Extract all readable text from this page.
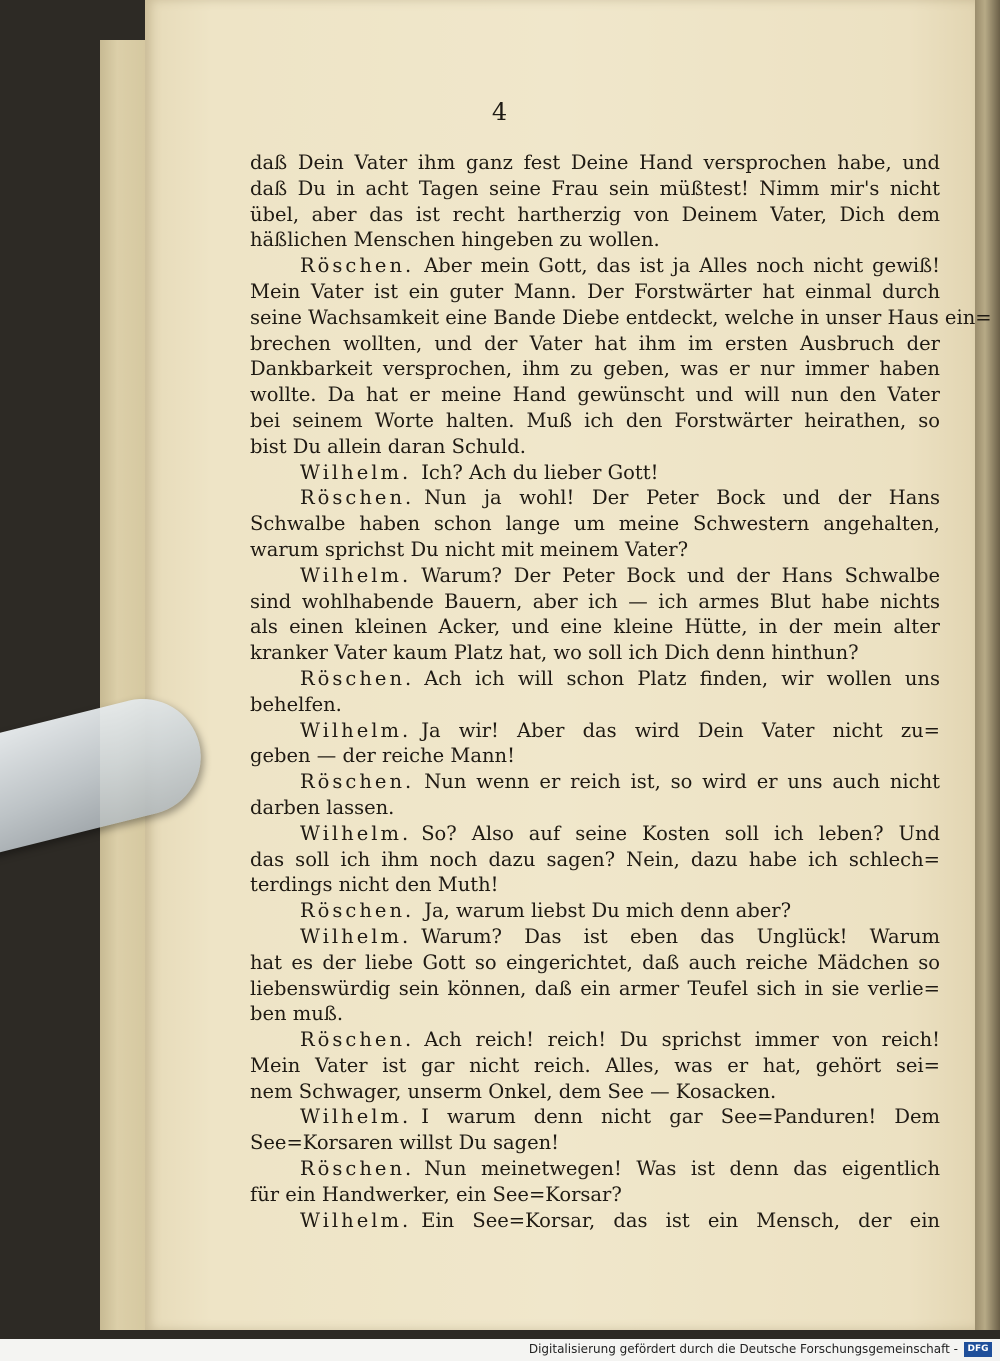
4
daß Dein Vater ihm ganz fest Deine Hand versprochen habe, und
daß Du in acht Tagen seine Frau sein müßtest! Nimm mir's nicht
übel, aber das ist recht hartherzig von Deinem Vater, Dich dem
häßlichen Menschen hingeben zu wollen.
Röschen. Aber mein Gott, das ist ja Alles noch nicht gewiß!
Mein Vater ist ein guter Mann. Der Forstwärter hat einmal durch
seine Wachsamkeit eine Bande Diebe entdeckt, welche in unser Haus ein=
brechen wollten, und der Vater hat ihm im ersten Ausbruch der
Dankbarkeit versprochen, ihm zu geben, was er nur immer haben
wollte. Da hat er meine Hand gewünscht und will nun den Vater
bei seinem Worte halten. Muß ich den Forstwärter heirathen, so
bist Du allein daran Schuld.
Wilhelm. Ich? Ach du lieber Gott!
Röschen. Nun ja wohl! Der Peter Bock und der Hans
Schwalbe haben schon lange um meine Schwestern angehalten,
warum sprichst Du nicht mit meinem Vater?
Wilhelm. Warum? Der Peter Bock und der Hans Schwalbe
sind wohlhabende Bauern, aber ich — ich armes Blut habe nichts
als einen kleinen Acker, und eine kleine Hütte, in der mein alter
kranker Vater kaum Platz hat, wo soll ich Dich denn hinthun?
Röschen. Ach ich will schon Platz finden, wir wollen uns
behelfen.
Wilhelm. Ja wir! Aber das wird Dein Vater nicht zu=
geben — der reiche Mann!
Röschen. Nun wenn er reich ist, so wird er uns auch nicht
darben lassen.
Wilhelm. So? Also auf seine Kosten soll ich leben? Und
das soll ich ihm noch dazu sagen? Nein, dazu habe ich schlech=
terdings nicht den Muth!
Röschen. Ja, warum liebst Du mich denn aber?
Wilhelm. Warum? Das ist eben das Unglück! Warum
hat es der liebe Gott so eingerichtet, daß auch reiche Mädchen so
liebenswürdig sein können, daß ein armer Teufel sich in sie verlie=
ben muß.
Röschen. Ach reich! reich! Du sprichst immer von reich!
Mein Vater ist gar nicht reich. Alles, was er hat, gehört sei=
nem Schwager, unserm Onkel, dem See — Kosacken.
Wilhelm. I warum denn nicht gar See=Panduren! Dem
See=Korsaren willst Du sagen!
Röschen. Nun meinetwegen! Was ist denn das eigentlich
für ein Handwerker, ein See=Korsar?
Wilhelm. Ein See=Korsar, das ist ein Mensch, der ein
Digitalisierung gefördert durch die Deutsche Forschungsgemeinschaft -	DFG
